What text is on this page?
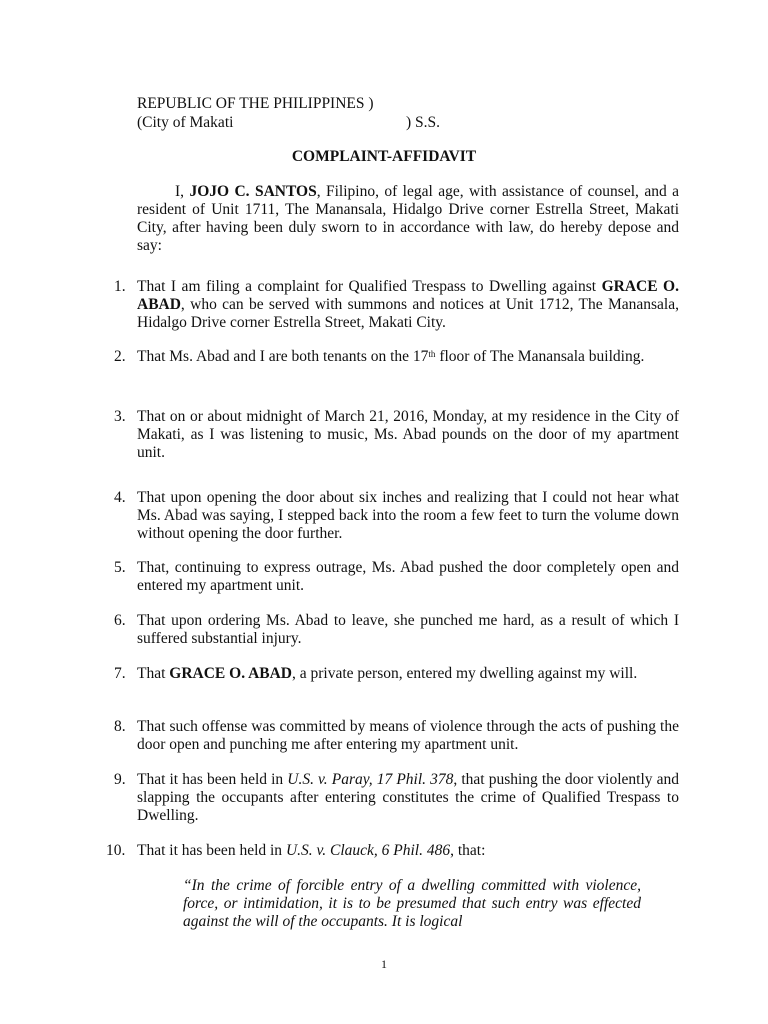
REPUBLIC OF THE PHILIPPINES )
(City of Makati	) S.S.
COMPLAINT-AFFIDAVIT
I, JOJO C. SANTOS, Filipino, of legal age, with assistance of counsel, and a resident of Unit 1711, The Manansala, Hidalgo Drive corner Estrella Street, Makati City, after having been duly sworn to in accordance with law, do hereby depose and say:
1. That I am filing a complaint for Qualified Trespass to Dwelling against GRACE O. ABAD, who can be served with summons and notices at Unit 1712, The Manansala, Hidalgo Drive corner Estrella Street, Makati City.
2. That Ms. Abad and I are both tenants on the 17th floor of The Manansala building.
3. That on or about midnight of March 21, 2016, Monday, at my residence in the City of Makati, as I was listening to music, Ms. Abad pounds on the door of my apartment unit.
4. That upon opening the door about six inches and realizing that I could not hear what Ms. Abad was saying, I stepped back into the room a few feet to turn the volume down without opening the door further.
5. That, continuing to express outrage, Ms. Abad pushed the door completely open and entered my apartment unit.
6. That upon ordering Ms. Abad to leave, she punched me hard, as a result of which I suffered substantial injury.
7. That GRACE O. ABAD, a private person, entered my dwelling against my will.
8. That such offense was committed by means of violence through the acts of pushing the door open and punching me after entering my apartment unit.
9. That it has been held in U.S. v. Paray, 17 Phil. 378, that pushing the door violently and slapping the occupants after entering constitutes the crime of Qualified Trespass to Dwelling.
10. That it has been held in U.S. v. Clauck, 6 Phil. 486, that:
“In the crime of forcible entry of a dwelling committed with violence, force, or intimidation, it is to be presumed that such entry was effected against the will of the occupants. It is logical
1
